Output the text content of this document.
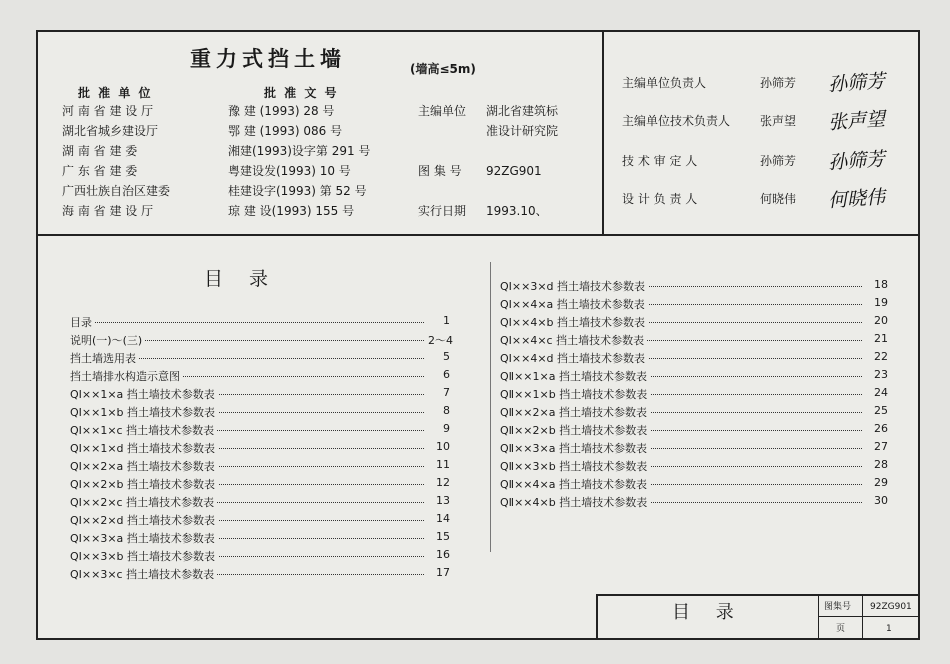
重力式挡土墙	(墙高≤5m)
批 准 单 位	批 准 文 号
河 南 省 建 设 厅	豫 建 (1993) 28 号
湖北省城乡建设厅	鄂 建 (1993) 086 号
湖 南 省 建 委	湘建(1993)设字第 291 号
广 东 省 建 委	粤建设发(1993) 10 号
广西壮族自治区建委	桂建设字(1993) 第 52 号
海 南 省 建 设 厅	琼 建 设(1993) 155 号
主编单位 湖北省建筑标
准设计研究院
图 集 号 92ZG901
实行日期 1993.10、
主编单位负责人	孙筛芳 孙筛芳
主编单位技术负责人 张声望 张声望
技 术 审 定 人	孙筛芳 孙筛芳
设 计 负 责 人	何晓伟 何晓伟
目 录
目录	1
说明(一)～(三)	2～4
挡土墙选用表	5
挡土墙排水构造示意图	6
QⅠ××1×a 挡土墙技术参数表	7
QⅠ××1×b 挡土墙技术参数表	8
QⅠ××1×c 挡土墙技术参数表	9
QⅠ××1×d 挡土墙技术参数表	10
QⅠ××2×a 挡土墙技术参数表	11
QⅠ××2×b 挡土墙技术参数表	12
QⅠ××2×c 挡土墙技术参数表	13
QⅠ××2×d 挡土墙技术参数表	14
QⅠ××3×a 挡土墙技术参数表	15
QⅠ××3×b 挡土墙技术参数表	16
QⅠ××3×c 挡土墙技术参数表	17
QⅠ××3×d 挡土墙技术参数表	18
QⅠ××4×a 挡土墙技术参数表	19
QⅠ××4×b 挡土墙技术参数表	20
QⅠ××4×c 挡土墙技术参数表	21
QⅠ××4×d 挡土墙技术参数表	22
QⅡ××1×a 挡土墙技术参数表	23
QⅡ××1×b 挡土墙技术参数表	24
QⅡ××2×a 挡土墙技术参数表	25
QⅡ××2×b 挡土墙技术参数表	26
QⅡ××3×a 挡土墙技术参数表	27
QⅡ××3×b 挡土墙技术参数表	28
QⅡ××4×a 挡土墙技术参数表	29
QⅡ××4×b 挡土墙技术参数表	30
目 录	图集号 92ZG901
页	1
